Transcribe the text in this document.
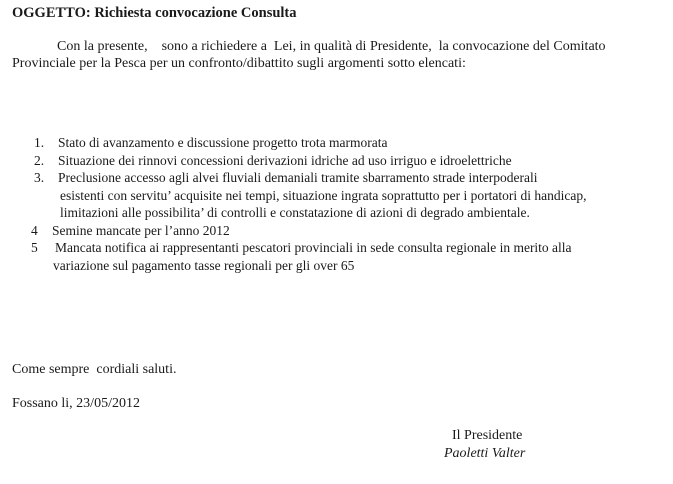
OGGETTO: Richiesta convocazione Consulta
Con la presente,    sono a richiedere a  Lei, in qualità di Presidente,  la convocazione del Comitato
Provinciale per la Pesca per un confronto/dibattito sugli argomenti sotto elencati:
1.	Stato di avanzamento e discussione progetto trota marmorata
2.	Situazione dei rinnovi concessioni derivazioni idriche ad uso irriguo e idroelettriche
3.	Preclusione accesso agli alvei fluviali demaniali tramite sbarramento strade interpoderali
esistenti con servitu’ acquisite nei tempi, situazione ingrata soprattutto per i portatori di handicap,
limitazioni alle possibilita’ di controlli e constatazione di azioni di degrado ambientale.
4	Semine mancate per l’anno 2012
5	Mancata notifica ai rappresentanti pescatori provinciali in sede consulta regionale in merito alla
variazione sul pagamento tasse regionali per gli over 65
Come sempre  cordiali saluti.
Fossano li, 23/05/2012
Il Presidente
Paoletti Valter
